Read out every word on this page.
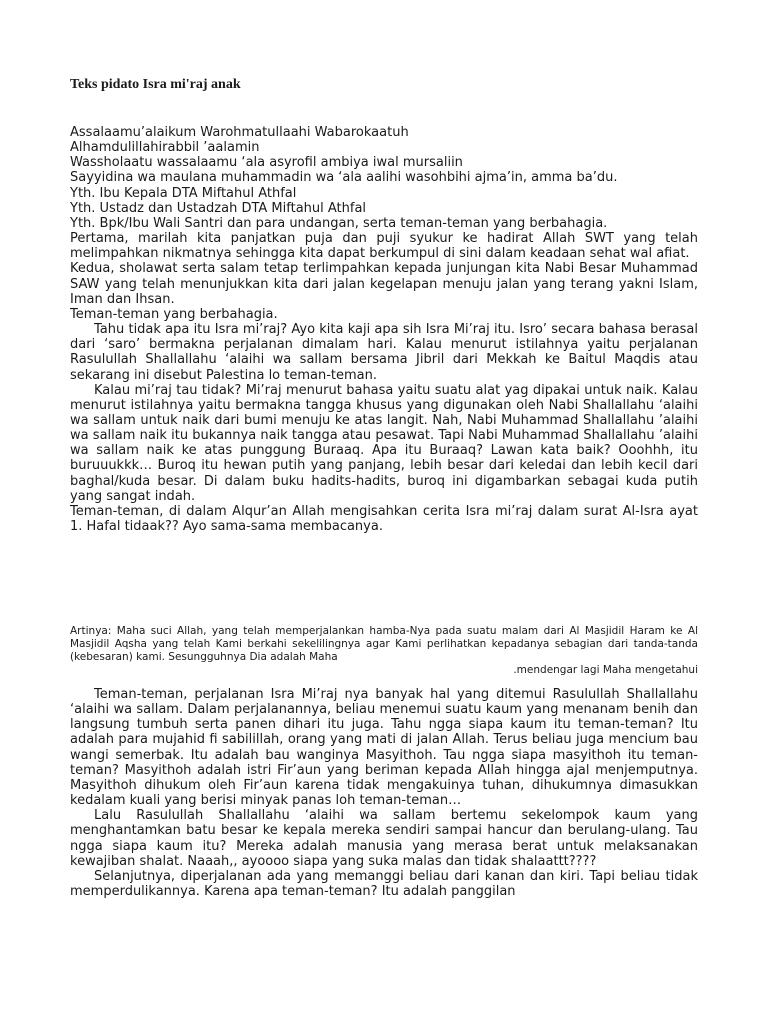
Teks pidato Isra mi'raj anak

Assalaamu’alaikum Warohmatullaahi Wabarokaatuh

Alhamdulillahirabbil ’aalamin

Wassholaatu wassalaamu ‘ala asyrofil ambiya iwal mursaliin

Sayyidina wa maulana muhammadin wa ‘ala aalihi wasohbihi ajma’in, amma ba’du.

Yth. Ibu Kepala DTA Miftahul Athfal

Yth. Ustadz dan Ustadzah DTA Miftahul Athfal

Yth. Bpk/Ibu Wali Santri dan para undangan, serta teman-teman yang berbahagia.

Pertama, marilah kita panjatkan puja dan puji syukur ke hadirat Allah SWT yang telah melimpahkan nikmatnya sehingga kita dapat berkumpul di sini dalam keadaan sehat wal afiat.

Kedua, sholawat serta salam tetap terlimpahkan kepada junjungan kita Nabi Besar Muhammad SAW yang telah menunjukkan kita dari jalan kegelapan menuju jalan yang terang yakni Islam, Iman dan Ihsan.

Teman-teman yang berbahagia.

Tahu tidak apa itu Isra mi’raj? Ayo kita kaji apa sih Isra Mi’raj itu. Isro’ secara bahasa berasal dari ‘saro’ bermakna perjalanan dimalam hari. Kalau menurut istilahnya yaitu perjalanan Rasulullah Shallallahu ‘alaihi wa sallam bersama Jibril dari Mekkah ke Baitul Maqdis atau sekarang ini disebut Palestina lo teman-teman.

Kalau mi’raj tau tidak? Mi’raj menurut bahasa yaitu suatu alat yag dipakai untuk naik. Kalau menurut istilahnya yaitu bermakna tangga khusus yang digunakan oleh Nabi Shallallahu ‘alaihi wa sallam untuk naik dari bumi menuju ke atas langit. Nah, Nabi Muhammad Shallallahu ’alaihi wa sallam naik itu bukannya naik tangga atau pesawat. Tapi Nabi Muhammad Shallallahu ’alaihi wa sallam naik ke atas punggung Buraaq. Apa itu Buraaq? Lawan kata baik? Ooohhh, itu buruuukkk… Buroq itu hewan putih yang panjang, lebih besar dari keledai dan lebih kecil dari baghal/kuda besar. Di dalam buku hadits-hadits, buroq ini digambarkan sebagai kuda putih yang sangat indah.

Teman-teman, di dalam Alqur’an Allah mengisahkan cerita Isra mi’raj dalam surat Al-Isra ayat 1. Hafal tidaak?? Ayo sama-sama membacanya.

Artinya: Maha suci Allah, yang telah memperjalankan hamba-Nya pada suatu malam dari Al Masjidil Haram ke Al Masjidil Aqsha yang telah Kami berkahi sekelilingnya agar Kami perlihatkan kepadanya sebagian dari tanda-tanda (kebesaran) kami. Sesungguhnya Dia adalah Maha

.mendengar lagi Maha mengetahui

Teman-teman, perjalanan Isra Mi’raj nya banyak hal yang ditemui Rasulullah Shallallahu ‘alaihi wa sallam. Dalam perjalanannya, beliau menemui suatu kaum yang menanam benih dan langsung tumbuh serta panen dihari itu juga. Tahu ngga siapa kaum itu teman-teman? Itu adalah para mujahid fi sabilillah, orang yang mati di jalan Allah. Terus beliau juga mencium bau wangi semerbak. Itu adalah bau wanginya Masyithoh. Tau ngga siapa masyithoh itu teman-teman? Masyithoh adalah istri Fir’aun yang beriman kepada Allah hingga ajal menjemputnya. Masyithoh dihukum oleh Fir’aun karena tidak mengakuinya tuhan, dihukumnya dimasukkan kedalam kuali yang berisi minyak panas loh teman-teman…

Lalu Rasulullah Shallallahu ‘alaihi wa sallam bertemu sekelompok kaum yang menghantamkan batu besar ke kepala mereka sendiri sampai hancur dan berulang-ulang. Tau ngga siapa kaum itu? Mereka adalah manusia yang merasa berat untuk melaksanakan kewajiban shalat. Naaah,, ayoooo siapa yang suka malas dan tidak shalaattt????

Selanjutnya, diperjalanan ada yang memanggi beliau dari kanan dan kiri. Tapi beliau tidak memperdulikannya. Karena apa teman-teman? Itu adalah panggilan
